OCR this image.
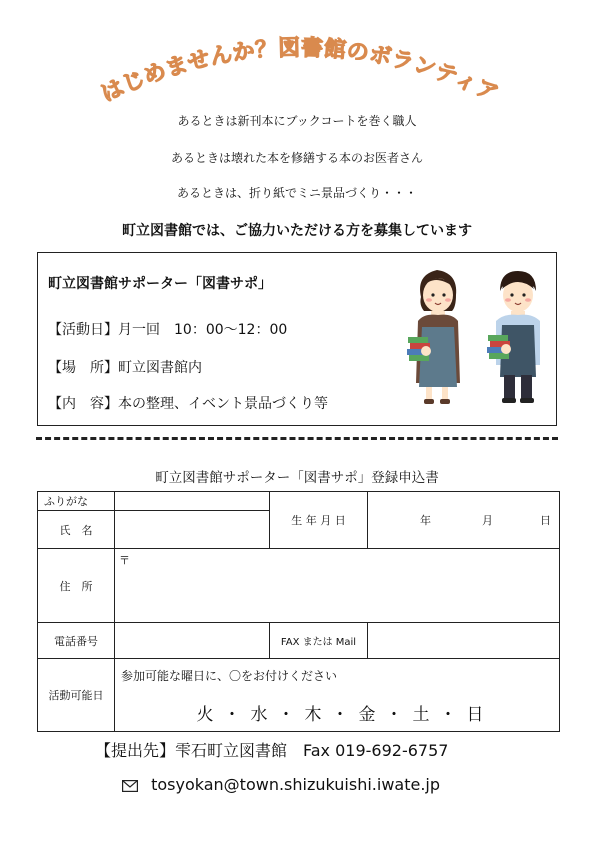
はじめませんか？図書館のボランティア
あるときは新刊本にブックコートを巻く職人
あるときは壊れた本を修繕する本のお医者さん
あるときは、折り紙でミニ景品づくり・・・
町立図書館では、ご協力いただける方を募集しています
町立図書館サポーター「図書サポ」
【活動日】月一回　10：00～12：00
【場　所】町立図書館内
【内　容】本の整理、イベント景品づくり等
町立図書館サポーター「図書サポ」登録申込書
ふりがな		生 年 月 日	年 月 日

氏　名			
住　所	〒		
電話番号		FAX または Mail	
活動可能日	参加可能な曜日に、〇をお付けください
火 ・ 水 ・ 木 ・ 金 ・ 土 ・ 日		
【提出先】雫石町立図書館　Fax 019-692-6757
tosyokan@town.shizukuishi.iwate.jp
